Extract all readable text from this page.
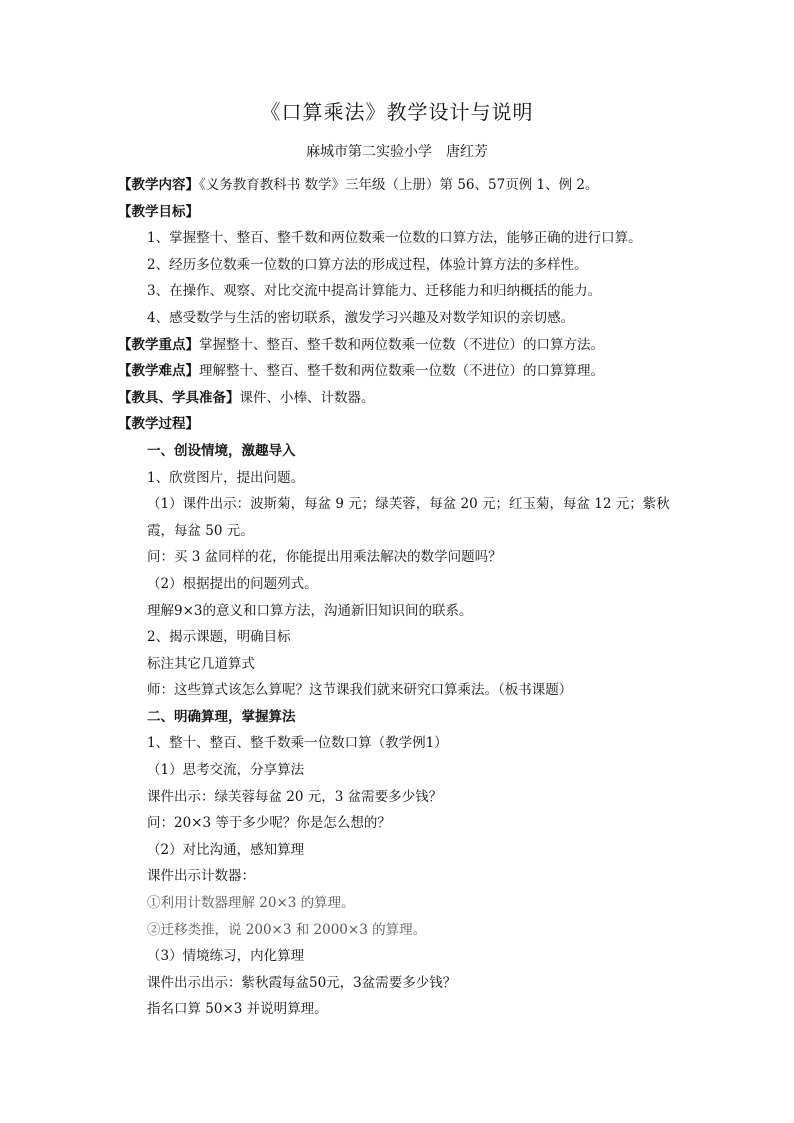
《口算乘法》教学设计与说明
麻城市第二实验小学 唐红芳
【教学内容】《义务教育教科书 数学》三年级（上册）第 56、57页例 1、例 2。
【教学目标】
1、掌握整十、整百、整千数和两位数乘一位数的口算方法，能够正确的进行口算。
2、经历多位数乘一位数的口算方法的形成过程，体验计算方法的多样性。
3、在操作、观察、对比交流中提高计算能力、迁移能力和归纳概括的能力。
4、感受数学与生活的密切联系，激发学习兴趣及对数学知识的亲切感。
【教学重点】掌握整十、整百、整千数和两位数乘一位数（不进位）的口算方法。
【教学难点】理解整十、整百、整千数和两位数乘一位数（不进位）的口算算理。
【教具、学具准备】课件、小棒、计数器。
【教学过程】
一、创设情境，激趣导入
1、欣赏图片，提出问题。
（1）课件出示：波斯菊，每盆 9 元；绿芙蓉，每盆 20 元；红玉菊，每盆 12 元；紫秋霞，每盆 50 元。
问：买 3 盆同样的花，你能提出用乘法解决的数学问题吗？
（2）根据提出的问题列式。
理解9×3的意义和口算方法，沟通新旧知识间的联系。
2、揭示课题，明确目标
标注其它几道算式
师：这些算式该怎么算呢？这节课我们就来研究口算乘法。（板书课题）
二、明确算理，掌握算法
1、整十、整百、整千数乘一位数口算（教学例1）
（1）思考交流，分享算法
课件出示：绿芙蓉每盆 20 元，3 盆需要多少钱？
问：20×3 等于多少呢？你是怎么想的？
（2）对比沟通，感知算理
课件出示计数器：
①利用计数器理解 20×3 的算理。
②迁移类推，说 200×3 和 2000×3 的算理。
（3）情境练习，内化算理
课件出示出示：紫秋霞每盆50元，3盆需要多少钱？
指名口算 50×3 并说明算理。
